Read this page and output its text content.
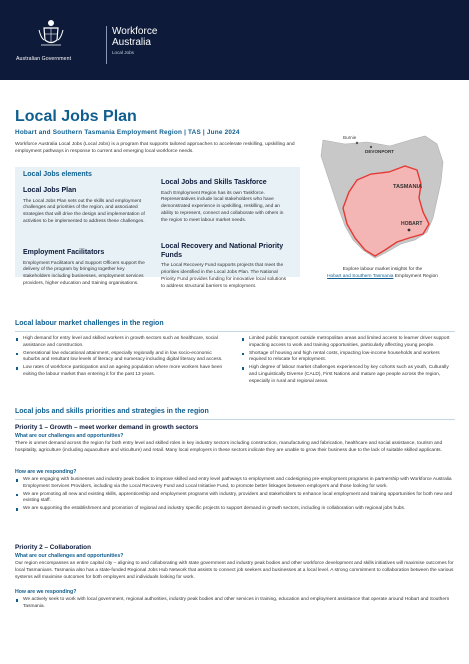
Australian Government
Workforce
Australia
Local Jobs
Local Jobs Plan
Hobart and Southern Tasmania Employment Region | TAS | June 2024
Workforce Australia Local Jobs (Local Jobs) is a program that supports tailored approaches to accelerate reskilling, upskilling and employment pathways in response to current and emerging local workforce needs.
Burnie
DEVONPORT
TASMANIA
HOBART
Explore labour market insights for the
Hobart and Southern Tasmania Employment Region
Local Jobs elements
Local Jobs Plan
The Local Jobs Plan sets out the skills and employment challenges and priorities of the region, and associated strategies that will drive the design and implementation of activities to be implemented to address these challenges.
Employment Facilitators
Employment Facilitators and Support Officers support the delivery of the program by bringing together key stakeholders including businesses, employment services providers, higher education and training organisations.
Local Jobs and Skills Taskforce
Each Employment Region has its own Taskforce. Representatives include local stakeholders who have demonstrated experience in upskilling, reskilling, and an ability to represent, connect and collaborate with others in the region to meet labour market needs.
Local Recovery and National Priority Funds
The Local Recovery Fund supports projects that meet the priorities identified in the Local Jobs Plan. The National Priority Fund provides funding for innovative local solutions to address structural barriers to employment.
Local labour market challenges in the region
High demand for entry level and skilled workers in growth sectors such as healthcare, social assistance and construction.
Generational low educational attainment, especially regionally and in low socio-economic suburbs and resultant low levels of literacy and numeracy including digital literacy and access.
Low rates of workforce participation and an ageing population where more workers have been exiting the labour market than entering it for the past 13 years.
Limited public transport outside metropolitan areas and limited access to learner driver support impacting access to work and training opportunities, particularly affecting young people.
Shortage of housing and high rental costs, impacting low-income households and workers required to relocate for employment.
High degree of labour market challenges experienced by key cohorts such as youth, Culturally and Linguistically Diverse (CALD), First Nations and mature age people across the region, especially in rural and regional areas.
Local jobs and skills priorities and strategies in the region
Priority 1 – Growth – meet worker demand in growth sectors
What are our challenges and opportunities?
There is unmet demand across the region for both entry level and skilled roles in key industry sectors including construction, manufacturing and fabrication, healthcare and social assistance, tourism and hospitality, agriculture (including aquaculture and viticulture) and retail. Many local employers in these sectors indicate they are unable to grow their business due to the lack of suitable skilled applicants.
How are we responding?
We are engaging with businesses and industry peak bodies to improve skilled and entry level pathways to employment and codesigning pre-employment programs in partnership with Workforce Australia Employment Services Providers, including via the Local Recovery Fund and Local Initiative Fund, to promote better linkages between employers and those looking for work.
We are promoting all new and existing skills, apprenticeship and employment programs with industry, providers and stakeholders to enhance local employment and training opportunities for both new and existing staff.
We are supporting the establishment and promotion of regional and industry specific projects to support demand in growth sectors, including in collaboration with regional jobs hubs.
Priority 2 – Collaboration
What are our challenges and opportunities?
Our region encompasses an entire capital city – aligning to and collaborating with state government and industry peak bodies and other workforce development and skills initiatives will maximise outcomes for local Tasmanians. Tasmania also has a state-funded Regional Jobs Hub Network that assists to connect job seekers and businesses at a local level. A strong commitment to collaboration between the various systems will maximise outcomes for both employers and individuals looking for work.
How are we responding?
We actively seek to work with local government, regional authorities, industry peak bodies and other services in training, education and employment assistance that operate around Hobart and Southern Tasmania.
